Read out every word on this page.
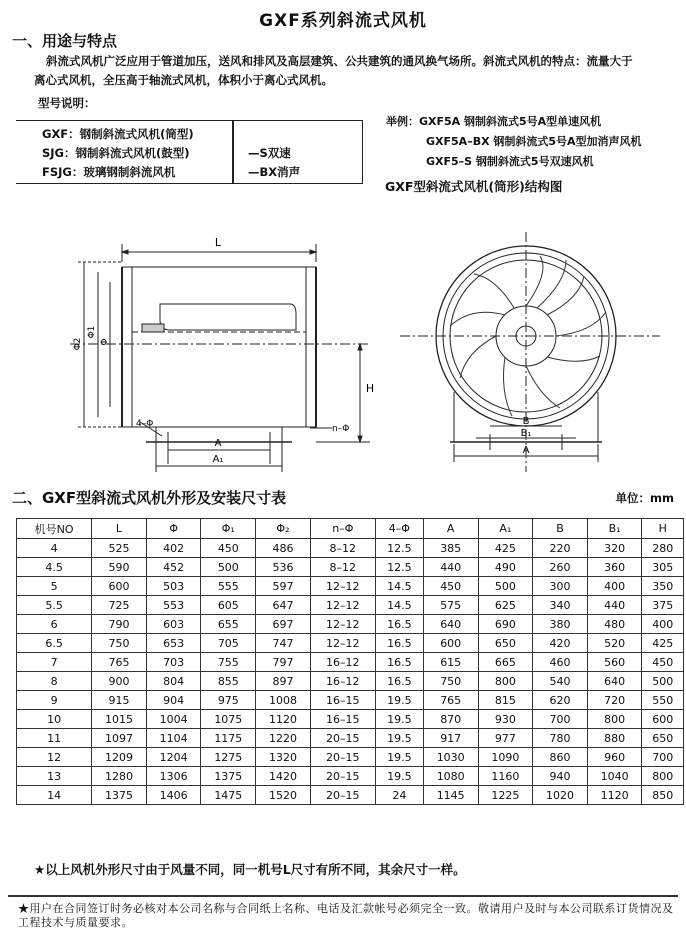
GXF系列斜流式风机
一、用途与特点
斜流式风机广泛应用于管道加压，送风和排风及高层建筑、公共建筑的通风换气场所。斜流式风机的特点：流量大于
离心式风机，全压高于轴流式风机，体积小于离心式风机。
型号说明：
GXF：钢制斜流式风机(筒型)
SJG：钢制斜流式风机(鼓型)
FSJG：玻璃钢制斜流风机
—S双速
—BX消声
举例：GXF5A 钢制斜流式5号A型单速风机
GXF5A–BX 钢制斜流式5号A型加消声风机
GXF5–S 钢制斜流式5号双速风机
GXF型斜流式风机(筒形)结构图
L
Φ2
Φ1
Φ
H
4–Φ	n–Φ
A
A₁
B
B₁
A
二、GXF型斜流式风机外形及安装尺寸表	单位：mm
机号NO	L	Φ	Φ₁	Φ₂	n–Φ	4–Φ	A	A₁	B	B₁	H
4	525	402	450	486	8–12	12.5	385	425	220	320	280
4.5	590	452	500	536	8–12	12.5	440	490	260	360	305
5	600	503	555	597	12–12	14.5	450	500	300	400	350
5.5	725	553	605	647	12–12	14.5	575	625	340	440	375
6	790	603	655	697	12–12	16.5	640	690	380	480	400
6.5	750	653	705	747	12–12	16.5	600	650	420	520	425
7	765	703	755	797	16–12	16.5	615	665	460	560	450
8	900	804	855	897	16–12	16.5	750	800	540	640	500
9	915	904	975	1008	16–15	19.5	765	815	620	720	550
10	1015	1004	1075	1120	16–15	19.5	870	930	700	800	600
11	1097	1104	1175	1220	20–15	19.5	917	977	780	880	650
12	1209	1204	1275	1320	20–15	19.5	1030	1090	860	960	700
13	1280	1306	1375	1420	20–15	19.5	1080	1160	940	1040	800
14	1375	1406	1475	1520	20–15	24	1145	1225	1020	1120	850
★以上风机外形尺寸由于风量不同，同一机号L尺寸有所不同，其余尺寸一样。
★用户在合同签订时务必核对本公司名称与合同纸上名称、电话及汇款帐号必须完全一致。敬请用户及时与本公司联系订货情况及工程技术与质量要求。
